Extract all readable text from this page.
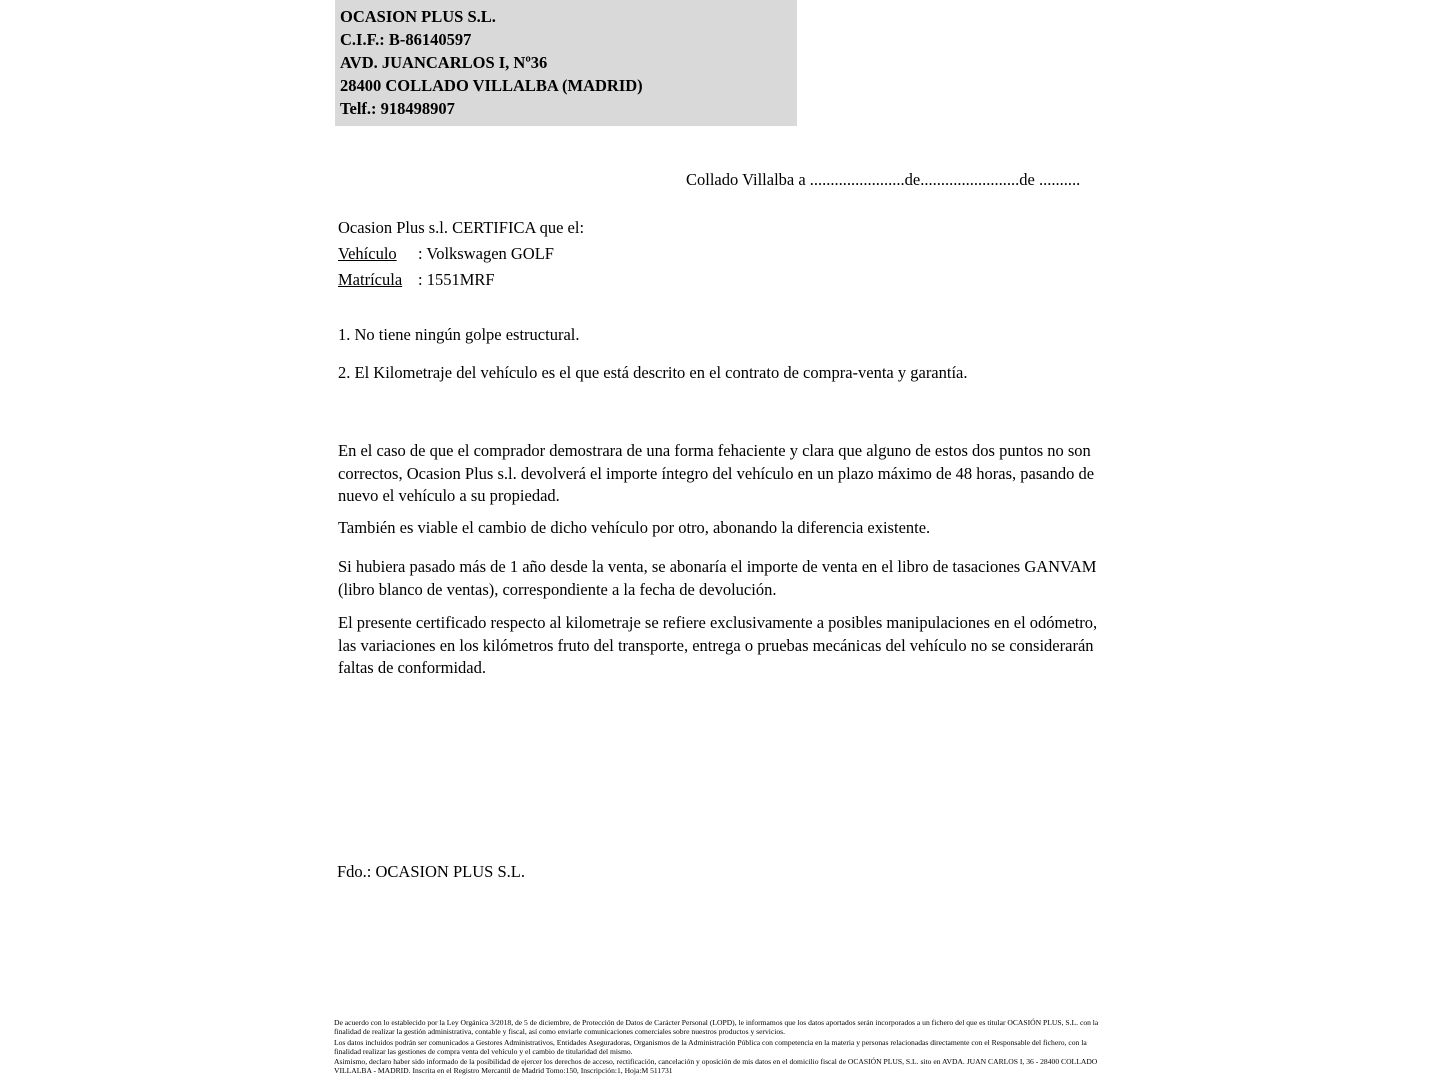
OCASION PLUS S.L.
C.I.F.: B-86140597
AVD. JUANCARLOS I, Nº36
28400 COLLADO VILLALBA (MADRID)
Telf.: 918498907
Collado Villalba a .......................de........................de ..........
Ocasion Plus s.l. CERTIFICA que el:
Vehículo : Volkswagen GOLF
Matrícula : 1551MRF
1. No tiene ningún golpe estructural.
2. El Kilometraje del vehículo es el que está descrito en el contrato de compra-venta y garantía.
En el caso de que el comprador demostrara de una forma fehaciente y clara que alguno de estos dos puntos no son correctos, Ocasion Plus s.l. devolverá el importe íntegro del vehículo en un plazo máximo de 48 horas, pasando de nuevo el vehículo a su propiedad.
También es viable el cambio de dicho vehículo por otro, abonando la diferencia existente.
Si hubiera pasado más de 1 año desde la venta, se abonaría el importe de venta en el libro de tasaciones GANVAM (libro blanco de ventas), correspondiente a la fecha de devolución.
El presente certificado respecto al kilometraje se refiere exclusivamente a posibles manipulaciones en el odómetro, las variaciones en los kilómetros fruto del transporte, entrega o pruebas mecánicas del vehículo no se considerarán faltas de conformidad.
Fdo.: OCASION PLUS S.L.

De acuerdo con lo establecido por la Ley Orgánica 3/2018, de 5 de diciembre, de Protección de Datos de Carácter Personal (LOPD), le informamos que los datos aportados serán incorporados a un fichero del que es titular OCASIÓN PLUS, S.L. con la finalidad de realizar la gestión administrativa, contable y fiscal, así como enviarle comunicaciones comerciales sobre nuestros productos y servicios.

Los datos incluidos podrán ser comunicados a Gestores Administrativos, Entidades Aseguradoras, Organismos de la Administración Pública con competencia en la materia y personas relacionadas directamente con el Responsable del fichero, con la finalidad realizar las gestiones de compra venta del vehículo y el cambio de titularidad del mismo.

Asimismo, declaro haber sido informado de la posibilidad de ejercer los derechos de acceso, rectificación, cancelación y oposición de mis datos en el domicilio fiscal de OCASIÓN PLUS, S.L. sito en AVDA. JUAN CARLOS I, 36 - 28400 COLLADO VILLALBA - MADRID. Inscrita en el Registro Mercantil de Madrid Tomo:150, Inscripción:1, Hoja:M 511731
